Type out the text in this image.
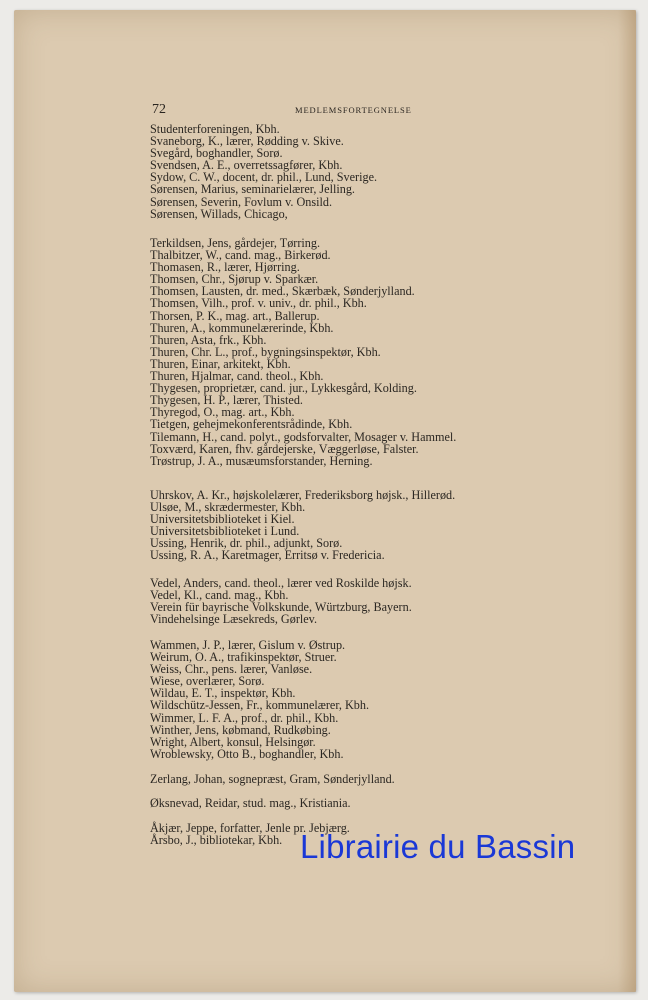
72	MEDLEMSFORTEGNELSE
Studenterforeningen, Kbh.
Svaneborg, K., lærer, Rødding v. Skive.
Svegård, boghandler, Sorø.
Svendsen, A. E., overretssagfører, Kbh.
Sydow, C. W., docent, dr. phil., Lund, Sverige.
Sørensen, Marius, seminarielærer, Jelling.
Sørensen, Severin, Fovlum v. Onsild.
Sørensen, Willads, Chicago,
Terkildsen, Jens, gårdejer, Tørring.
Thalbitzer, W., cand. mag., Birkerød.
Thomasen, R., lærer, Hjørring.
Thomsen, Chr., Sjørup v. Sparkær.
Thomsen, Lausten, dr. med., Skærbæk, Sønderjylland.
Thomsen, Vilh., prof. v. univ., dr. phil., Kbh.
Thorsen, P. K., mag. art., Ballerup.
Thuren, A., kommunelærerinde, Kbh.
Thuren, Asta, frk., Kbh.
Thuren, Chr. L., prof., bygningsinspektør, Kbh.
Thuren, Einar, arkitekt, Kbh.
Thuren, Hjalmar, cand. theol., Kbh.
Thygesen, proprietær, cand. jur., Lykkesgård, Kolding.
Thygesen, H. P., lærer, Thisted.
Thyregod, O., mag. art., Kbh.
Tietgen, gehejmekonferentsrådinde, Kbh.
Tilemann, H., cand. polyt., godsforvalter, Mosager v. Hammel.
Toxværd, Karen, fhv. gårdejerske, Væggerløse, Falster.
Trøstrup, J. A., musæumsforstander, Herning.
Uhrskov, A. Kr., højskolelærer, Frederiksborg højsk., Hillerød.
Ulsøe, M., skrædermester, Kbh.
Universitetsbiblioteket i Kiel.
Universitetsbiblioteket i Lund.
Ussing, Henrik, dr. phil., adjunkt, Sorø.
Ussing, R. A., Karetmager, Erritsø v. Fredericia.
Vedel, Anders, cand. theol., lærer ved Roskilde højsk.
Vedel, Kl., cand. mag., Kbh.
Verein für bayrische Volkskunde, Würtzburg, Bayern.
Vindehelsinge Læsekreds, Gørlev.
Wammen, J. P., lærer, Gislum v. Østrup.
Weirum, O. A., trafikinspektør, Struer.
Weiss, Chr., pens. lærer, Vanløse.
Wiese, overlærer, Sorø.
Wildau, E. T., inspektør, Kbh.
Wildschütz-Jessen, Fr., kommunelærer, Kbh.
Wimmer, L. F. A., prof., dr. phil., Kbh.
Winther, Jens, købmand, Rudkøbing.
Wright, Albert, konsul, Helsingør.
Wroblewsky, Otto B., boghandler, Kbh.
Zerlang, Johan, sognepræst, Gram, Sønderjylland.
Øksnevad, Reidar, stud. mag., Kristiania.
Åkjær, Jeppe, forfatter, Jenle pr. Jebjærg.
Årsbo, J., bibliotekar, Kbh. Librairie du Bassin
